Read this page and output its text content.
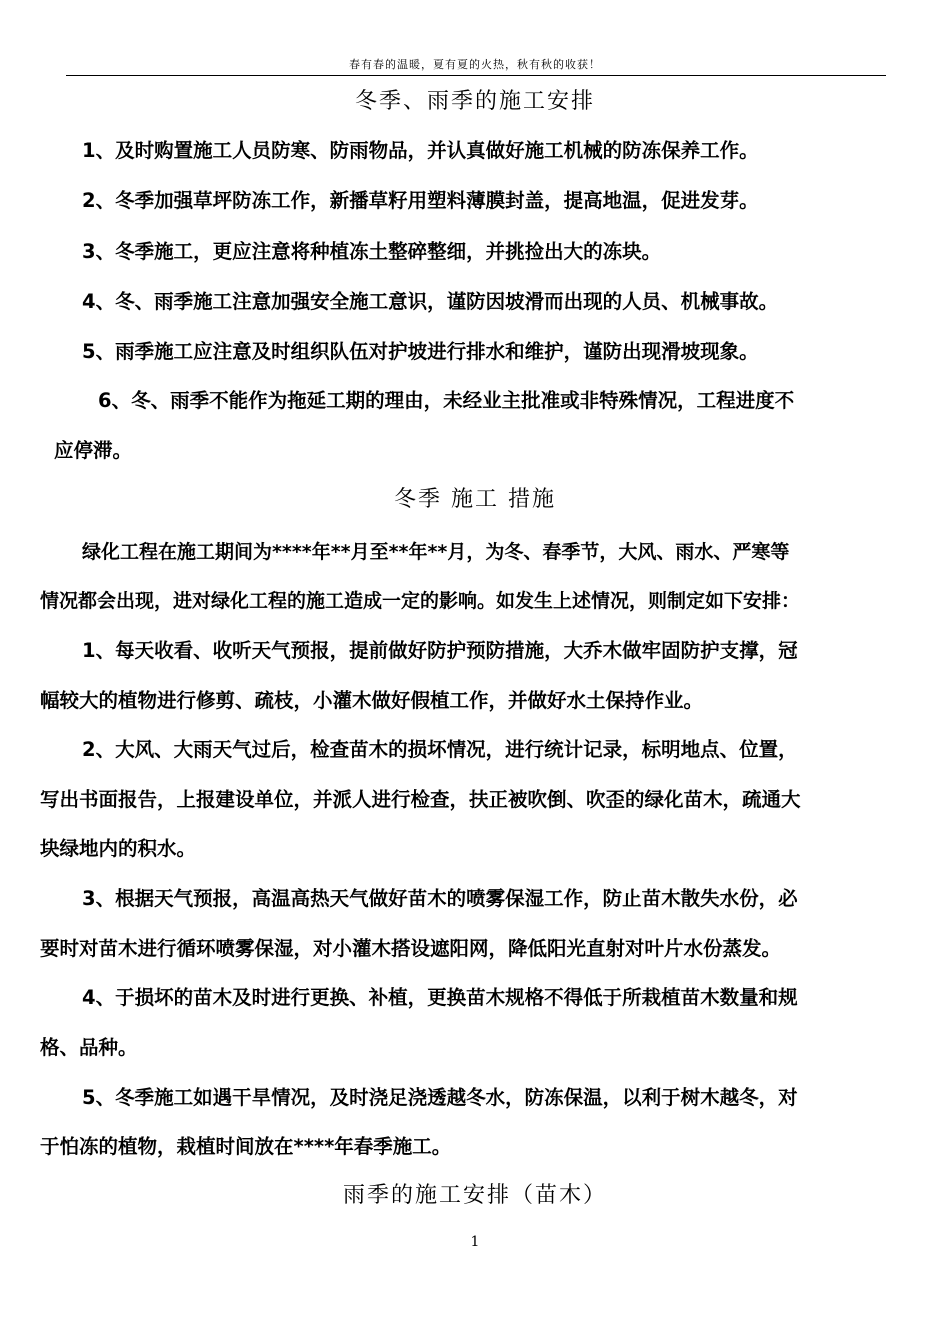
春有春的温暖，夏有夏的火热，秋有秋的收获！
冬季、雨季的施工安排
1、及时购置施工人员防寒、防雨物品，并认真做好施工机械的防冻保养工作。
2、冬季加强草坪防冻工作，新播草籽用塑料薄膜封盖，提高地温，促进发芽。
3、冬季施工，更应注意将种植冻土整碎整细，并挑捡出大的冻块。
4、冬、雨季施工注意加强安全施工意识，谨防因坡滑而出现的人员、机械事故。
5、雨季施工应注意及时组织队伍对护坡进行排水和维护，谨防出现滑坡现象。
6、冬、雨季不能作为拖延工期的理由，未经业主批准或非特殊情况，工程进度不
应停滞。
冬季 施工 措施
绿化工程在施工期间为****年**月至**年**月，为冬、春季节，大风、雨水、严寒等
情况都会出现，进对绿化工程的施工造成一定的影响。如发生上述情况，则制定如下安排：
1、每天收看、收听天气预报，提前做好防护预防措施，大乔木做牢固防护支撑，冠
幅较大的植物进行修剪、疏枝，小灌木做好假植工作，并做好水土保持作业。
2、大风、大雨天气过后，检查苗木的损坏情况，进行统计记录，标明地点、位置，
写出书面报告，上报建设单位，并派人进行检查，扶正被吹倒、吹歪的绿化苗木，疏通大
块绿地内的积水。
3、根据天气预报，高温高热天气做好苗木的喷雾保湿工作，防止苗木散失水份，必
要时对苗木进行循环喷雾保湿，对小灌木搭设遮阳网，降低阳光直射对叶片水份蒸发。
4、于损坏的苗木及时进行更换、补植，更换苗木规格不得低于所栽植苗木数量和规
格、品种。
5、冬季施工如遇干旱情况，及时浇足浇透越冬水，防冻保温，以利于树木越冬，对
于怕冻的植物，栽植时间放在****年春季施工。
雨季的施工安排（苗木）
1
